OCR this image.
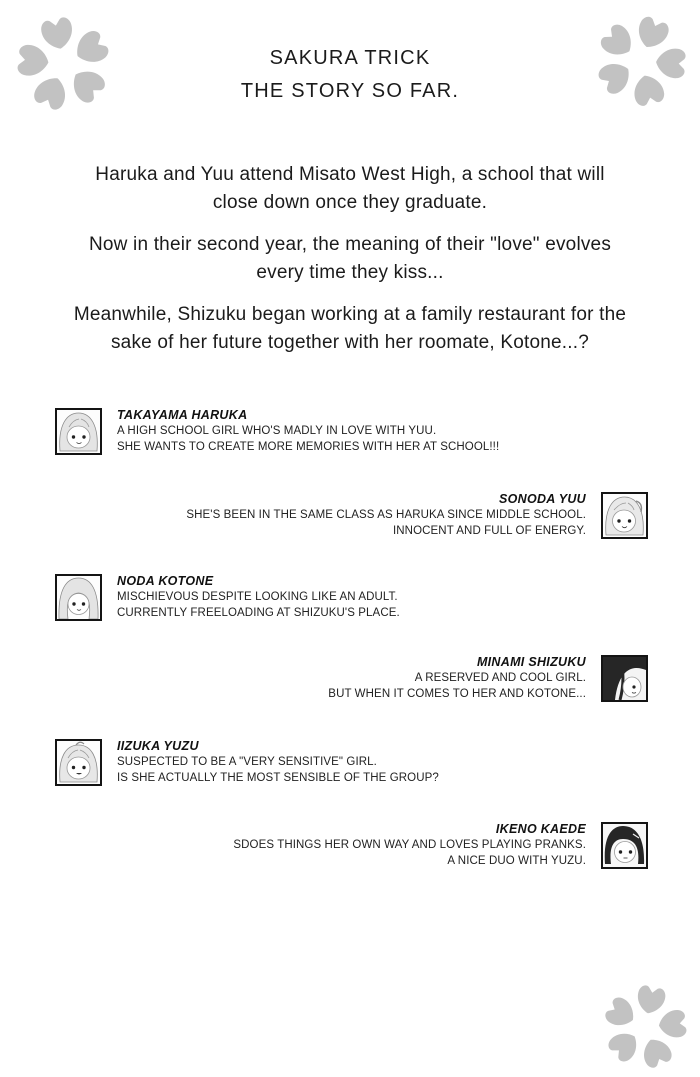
SAKURA TRICK
THE STORY SO FAR.

Haruka and Yuu attend Misato West High, a school that will
close down once they graduate.

Now in their second year, the meaning of their "love" evolves
every time they kiss...

Meanwhile, Shizuku began working at a family restaurant for the
sake of her future together with her roomate, Kotone...?

TAKAYAMA HARUKA
A HIGH SCHOOL GIRL WHO'S MADLY IN LOVE WITH YUU.
SHE WANTS TO CREATE MORE MEMORIES WITH HER AT SCHOOL!!!
SONODA YUU
SHE'S BEEN IN THE SAME CLASS AS HARUKA SINCE MIDDLE SCHOOL.
INNOCENT AND FULL OF ENERGY.
NODA KOTONE
MISCHIEVOUS DESPITE LOOKING LIKE AN ADULT.
CURRENTLY FREELOADING AT SHIZUKU'S PLACE.
MINAMI SHIZUKU
A RESERVED AND COOL GIRL.
BUT WHEN IT COMES TO HER AND KOTONE...
IIZUKA YUZU
SUSPECTED TO BE A "VERY SENSITIVE" GIRL.
IS SHE ACTUALLY THE MOST SENSIBLE OF THE GROUP?
IKENO KAEDE
SDOES THINGS HER OWN WAY AND LOVES PLAYING PRANKS.
A NICE DUO WITH YUZU.
